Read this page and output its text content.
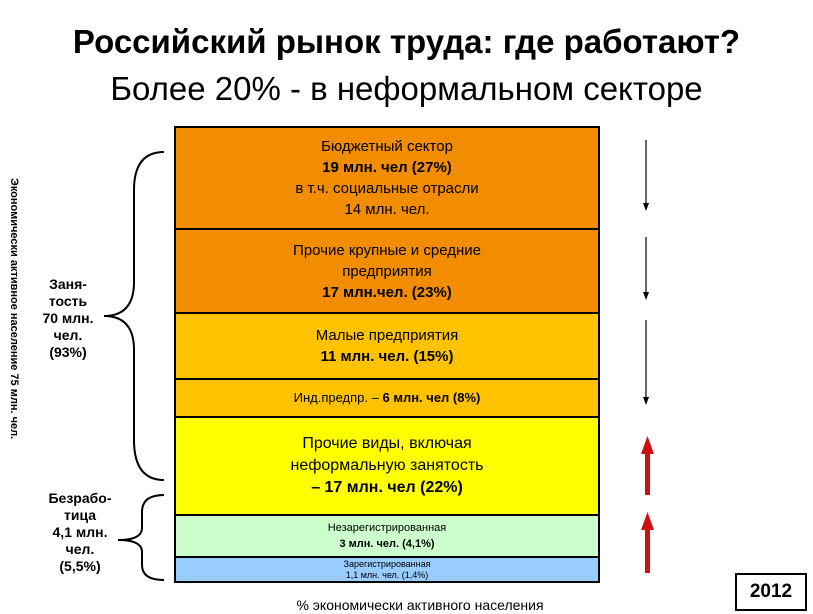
Российский рынок труда: где работают?
Более 20% - в неформальном секторе
Экономически активное население 75 млн. чел.	Заня-
тость
70 млн.
чел.
(93%)
Безрабо-
тица
4,1 млн.
чел.
(5,5%)
Бюджетный сектор
19 млн. чел (27%)
в т.ч. социальные отрасли
14 млн. чел.
Прочие крупные и средние
предприятия
17 млн.чел. (23%)
Малые предприятия
11 млн. чел. (15%)
Инд.предпр. – 6 млн. чел (8%)
Прочие виды, включая
неформальную занятость
– 17 млн. чел (22%)
Незарегистрированная
3 млн. чел. (4,1%)
Зарегистрированная
1,1 млн. чел. (1,4%)
% экономически активного населения
2012
